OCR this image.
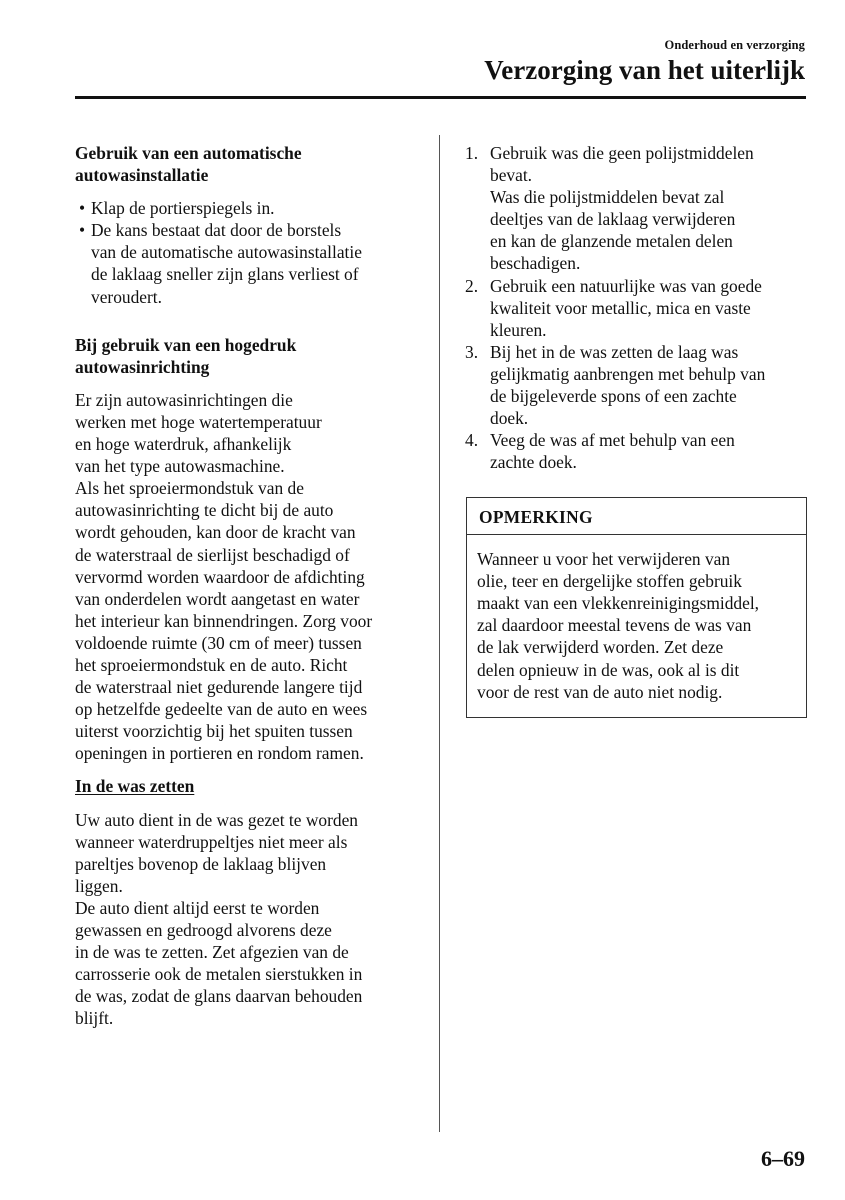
Onderhoud en verzorging
Verzorging van het uiterlijk
Gebruik van een automatische
autowasinstallatie
• Klap de portierspiegels in.
• De kans bestaat dat door de borstels
van de automatische autowasinstallatie
de laklaag sneller zijn glans verliest of
veroudert.
Bij gebruik van een hogedruk
autowasinrichting
Er zijn autowasinrichtingen die
werken met hoge watertemperatuur
en hoge waterdruk, afhankelijk
van het type autowasmachine.
Als het sproeiermondstuk van de
autowasinrichting te dicht bij de auto
wordt gehouden, kan door de kracht van
de waterstraal de sierlijst beschadigd of
vervormd worden waardoor de afdichting
van onderdelen wordt aangetast en water
het interieur kan binnendringen. Zorg voor
voldoende ruimte (30 cm of meer) tussen
het sproeiermondstuk en de auto. Richt
de waterstraal niet gedurende langere tijd
op hetzelfde gedeelte van de auto en wees
uiterst voorzichtig bij het spuiten tussen
openingen in portieren en rondom ramen.
In de was zetten
Uw auto dient in de was gezet te worden
wanneer waterdruppeltjes niet meer als
pareltjes bovenop de laklaag blijven
liggen.
De auto dient altijd eerst te worden
gewassen en gedroogd alvorens deze
in de was te zetten. Zet afgezien van de
carrosserie ook de metalen sierstukken in
de was, zodat de glans daarvan behouden
blijft.
1. Gebruik was die geen polijstmiddelen
bevat.
Was die polijstmiddelen bevat zal
deeltjes van de laklaag verwijderen
en kan de glanzende metalen delen
beschadigen.
2. Gebruik een natuurlijke was van goede
kwaliteit voor metallic, mica en vaste
kleuren.
3. Bij het in de was zetten de laag was
gelijkmatig aanbrengen met behulp van
de bijgeleverde spons of een zachte
doek.
4. Veeg de was af met behulp van een
zachte doek.
OPMERKING
Wanneer u voor het verwijderen van
olie, teer en dergelijke stoffen gebruik
maakt van een vlekkenreinigingsmiddel,
zal daardoor meestal tevens de was van
de lak verwijderd worden. Zet deze
delen opnieuw in de was, ook al is dit
voor de rest van de auto niet nodig.
6–69
